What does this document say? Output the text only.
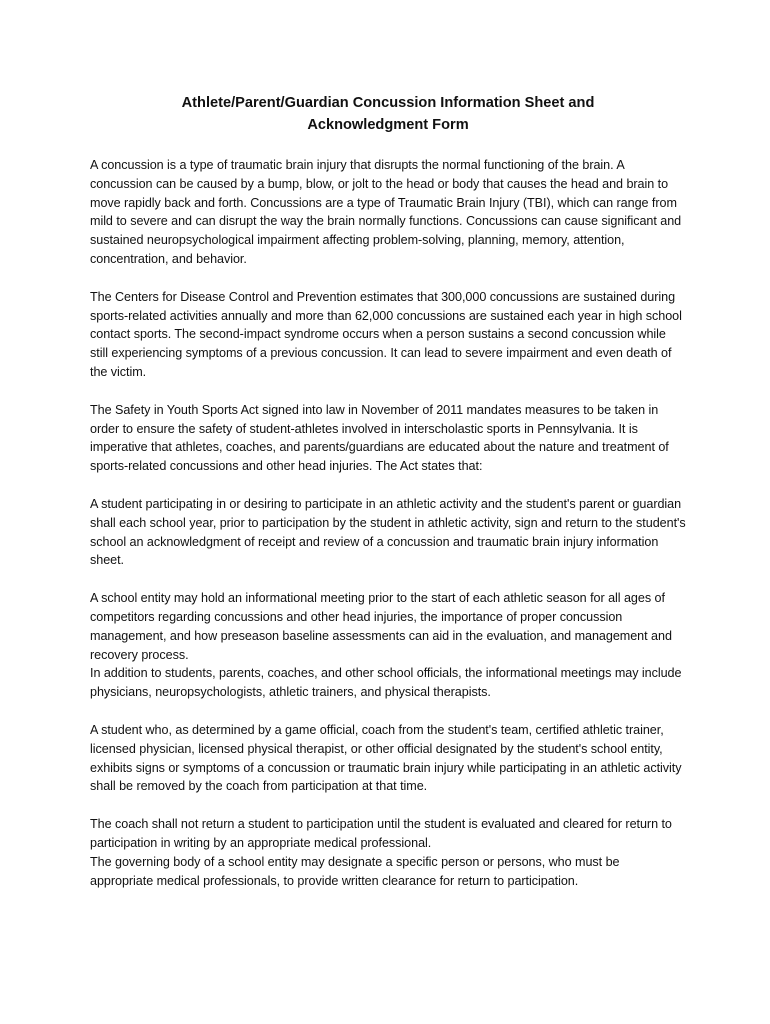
Athlete/Parent/Guardian Concussion Information Sheet and
Acknowledgment Form

A concussion is a type of traumatic brain injury that disrupts the normal functioning of the brain. A concussion can be caused by a bump, blow, or jolt to the head or body that causes the head and brain to move rapidly back and forth. Concussions are a type of Traumatic Brain Injury (TBI), which can range from mild to severe and can disrupt the way the brain normally functions. Concussions can cause significant and sustained neuropsychological impairment affecting problem-solving, planning, memory, attention, concentration, and behavior.

The Centers for Disease Control and Prevention estimates that 300,000 concussions are sustained during sports-related activities annually and more than 62,000 concussions are sustained each year in high school contact sports. The second-impact syndrome occurs when a person sustains a second concussion while still experiencing symptoms of a previous concussion. It can lead to severe impairment and even death of the victim.

The Safety in Youth Sports Act signed into law in November of 2011 mandates measures to be taken in order to ensure the safety of student-athletes involved in interscholastic sports in Pennsylvania. It is imperative that athletes, coaches, and parents/guardians are educated about the nature and treatment of sports-related concussions and other head injuries. The Act states that:

A student participating in or desiring to participate in an athletic activity and the student's parent or guardian shall each school year, prior to participation by the student in athletic activity, sign and return to the student's school an acknowledgment of receipt and review of a concussion and traumatic brain injury information sheet.

A school entity may hold an informational meeting prior to the start of each athletic season for all ages of competitors regarding concussions and other head injuries, the importance of proper concussion management, and how preseason baseline assessments can aid in the evaluation, and management and recovery process.

In addition to students, parents, coaches, and other school officials, the informational meetings may include physicians, neuropsychologists, athletic trainers, and physical therapists.

A student who, as determined by a game official, coach from the student's team, certified athletic trainer, licensed physician, licensed physical therapist, or other official designated by the student's school entity, exhibits signs or symptoms of a concussion or traumatic brain injury while participating in an athletic activity shall be removed by the coach from participation at that time.

The coach shall not return a student to participation until the student is evaluated and cleared for return to participation in writing by an appropriate medical professional.

The governing body of a school entity may designate a specific person or persons, who must be appropriate medical professionals, to provide written clearance for return to participation.
